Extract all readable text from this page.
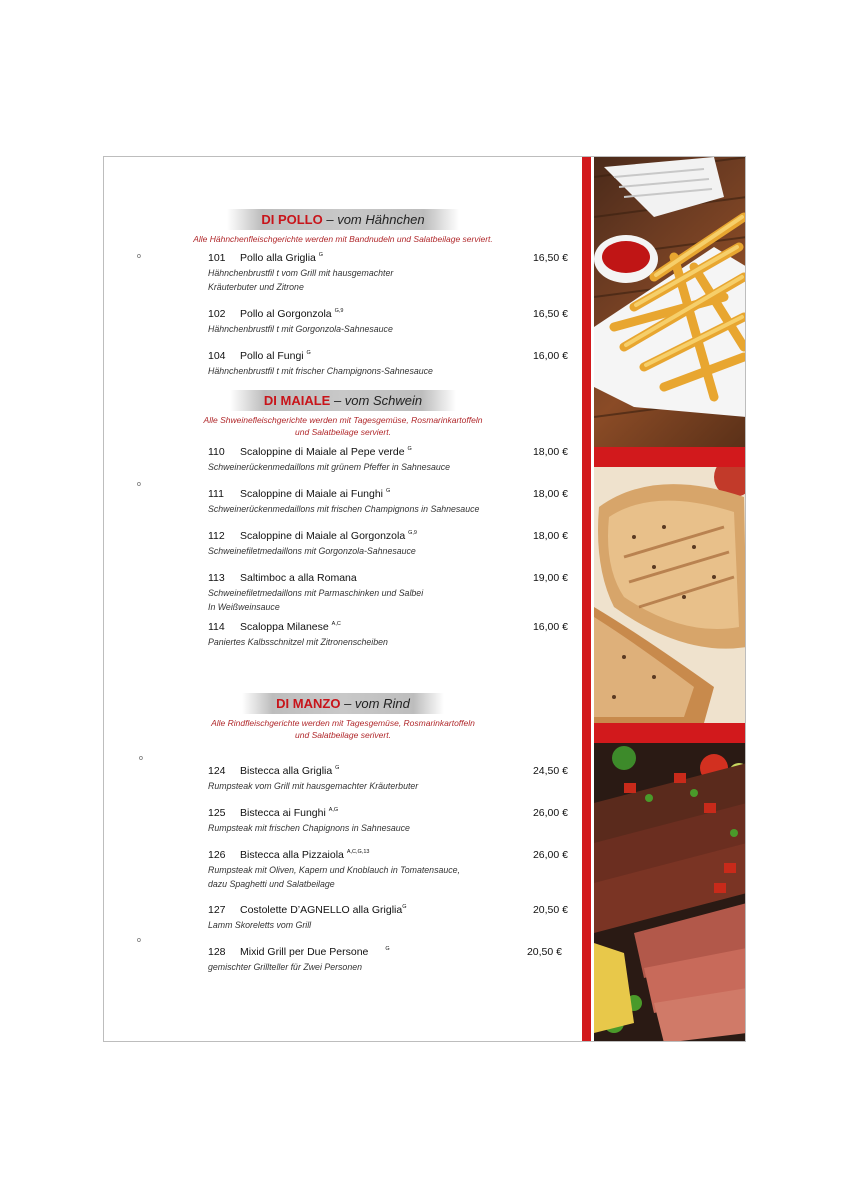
DI POLLO – vom Hähnchen
Alle Hähnchenfleischgerichte werden mit Bandnudeln und Salatbeilage serviert.
DI MAIALE – vom Schwein
Alle Shweinefleischgerichte werden mit Tagesgemüse, Rosmarinkartoffeln
und Salatbeilage serviert.
DI MANZO – vom Rind
Alle Rindfleischgerichte werden mit Tagesgemüse, Rosmarinkartoffeln
und Salatbeilage serivert.
101 Pollo alla Griglia $^G$	16,50 €
Hähnchenbrustfil t vom Grill mit hausgemachter
Kräuterbuter und Zitrone
102 Pollo al Gorgonzola $^{G,9}$	16,50 €
Hähnchenbrustfil t mit Gorgonzola-Sahnesauce
104 Pollo al Fungi $^G$	16,00 €
Hähnchenbrustfil t mit frischer Champignons-Sahnesauce
110 Scaloppine di Maiale al Pepe verde $^G$	18,00 €
Schweinerückenmedaillons mit grünem Pfeffer in Sahnesauce
111 Scaloppine di Maiale ai Funghi $^G$	18,00 €
Schweinerückenmedaillons mit frischen Champignons in Sahnesauce
112 Scaloppine di Maiale al Gorgonzola $^{G,9}$	18,00 €
Schweinefiletmedaillons mit Gorgonzola-Sahnesauce
113 Saltimboc a alla Romana	19,00 €
Schweinefiletmedaillons mit Parmaschinken und Salbei
In Weißweinsauce
114 Scaloppa Milanese $^{A,C}$	16,00 €
Paniertes Kalbsschnitzel mit Zitronenscheiben
124 Bistecca alla Griglia $^G$	24,50 €
Rumpsteak vom Grill mit hausgemachter Kräuterbuter
125 Bistecca ai Funghi $^{A,G}$	26,00 €
Rumpsteak mit frischen Chapignons in Sahnesauce
126 Bistecca alla Pizzaiola $^{A,C,G,13}$	26,00 €
Rumpsteak mit Oliven, Kapern und Knoblauch in Tomatensauce,
dazu Spaghetti und Salatbeilage
127 Costolette D’AGNELLO alla Griglia$^G$	20,50 €
Lamm Skoreletts vom Grill
128 Mixid Grill per Due Persone	$^G$	20,50 €
gemischter Grillteller für Zwei Personen
o
o
o
o
